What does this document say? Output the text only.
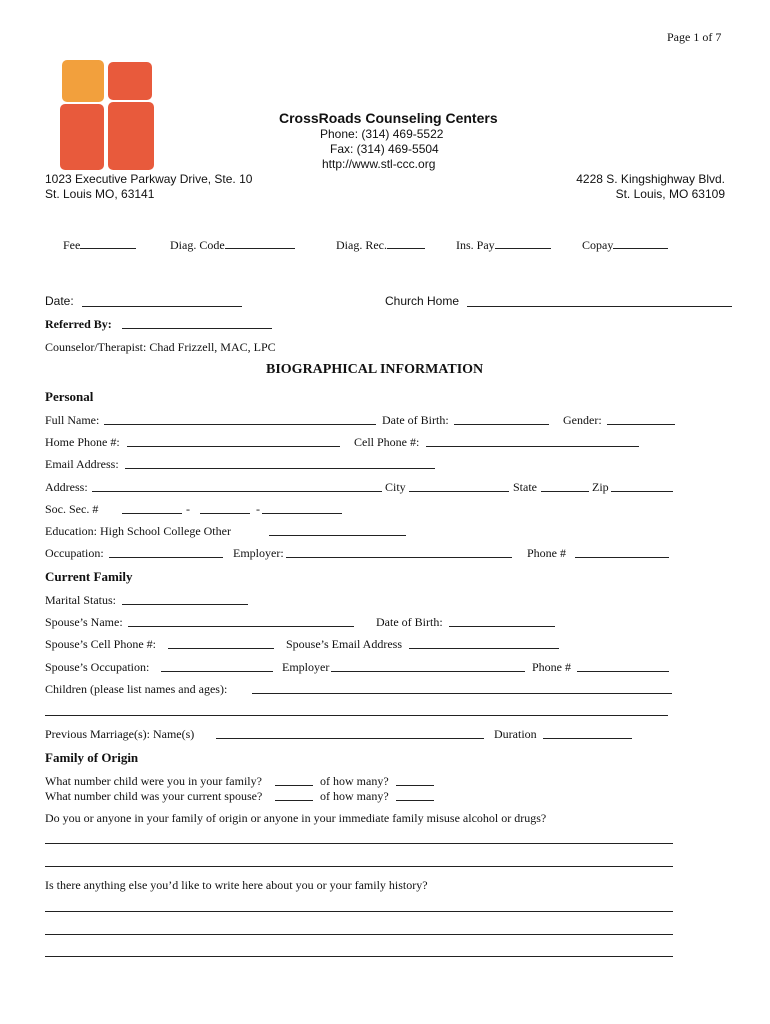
Page 1 of 7
CrossRoads Counseling Centers
Phone: (314) 469-5522
Fax: (314) 469-5504
http://www.stl-ccc.org
1023 Executive Parkway Drive, Ste. 10
St. Louis MO, 63141
4228 S. Kingshighway Blvd.
St. Louis, MO 63109
Fee	Diag. Code	Diag. Rec.	Ins. Pay	Copay
Date:	Church Home
Referred By:
Counselor/Therapist: Chad Frizzell, MAC, LPC
BIOGRAPHICAL INFORMATION
Personal
Full Name:	Date of Birth:	Gender:
Home Phone #:	Cell Phone #:
Email Address:
Address:	City	State	Zip
Soc. Sec. #	-	-
Education: High School College Other
Occupation:	Employer:	Phone #
Current Family
Marital Status:
Spouse’s Name:	Date of Birth:
Spouse’s Cell Phone #:	Spouse’s Email Address
Spouse’s Occupation:	Employer	Phone #
Children (please list names and ages):
Previous Marriage(s): Name(s)	Duration
Family of Origin
What number child were you in your family?	of how many?
What number child was your current spouse?	of how many?
Do you or anyone in your family of origin or anyone in your immediate family misuse alcohol or drugs?
Is there anything else you’d like to write here about you or your family history?
